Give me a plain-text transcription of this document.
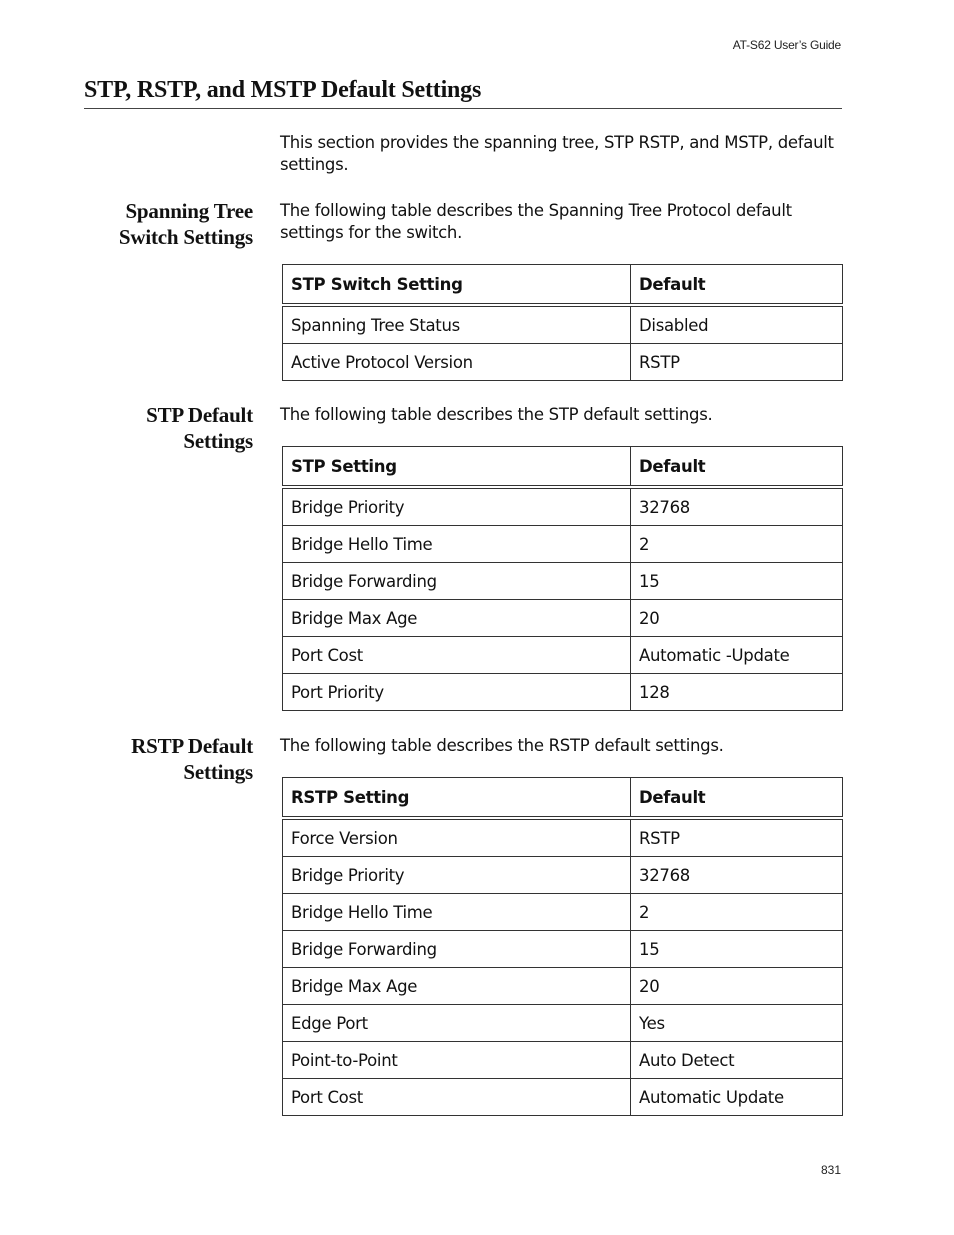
AT-S62 User’s Guide
STP, RSTP, and MSTP Default Settings

This section provides the spanning tree, STP RSTP, and MSTP, default settings.

Spanning Tree
Switch Settings

The following table describes the Spanning Tree Protocol default settings for the switch.

STP Switch Setting	Default
Spanning Tree Status	Disabled
Active Protocol Version	RSTP
STP Default
Settings

The following table describes the STP default settings.

STP Setting	Default
Bridge Priority	32768
Bridge Hello Time	2
Bridge Forwarding	15
Bridge Max Age	20
Port Cost	Automatic -Update
Port Priority	128
RSTP Default
Settings

The following table describes the RSTP default settings.

RSTP Setting	Default
Force Version	RSTP
Bridge Priority	32768
Bridge Hello Time	2
Bridge Forwarding	15
Bridge Max Age	20
Edge Port	Yes
Point-to-Point	Auto Detect
Port Cost	Automatic Update
831
